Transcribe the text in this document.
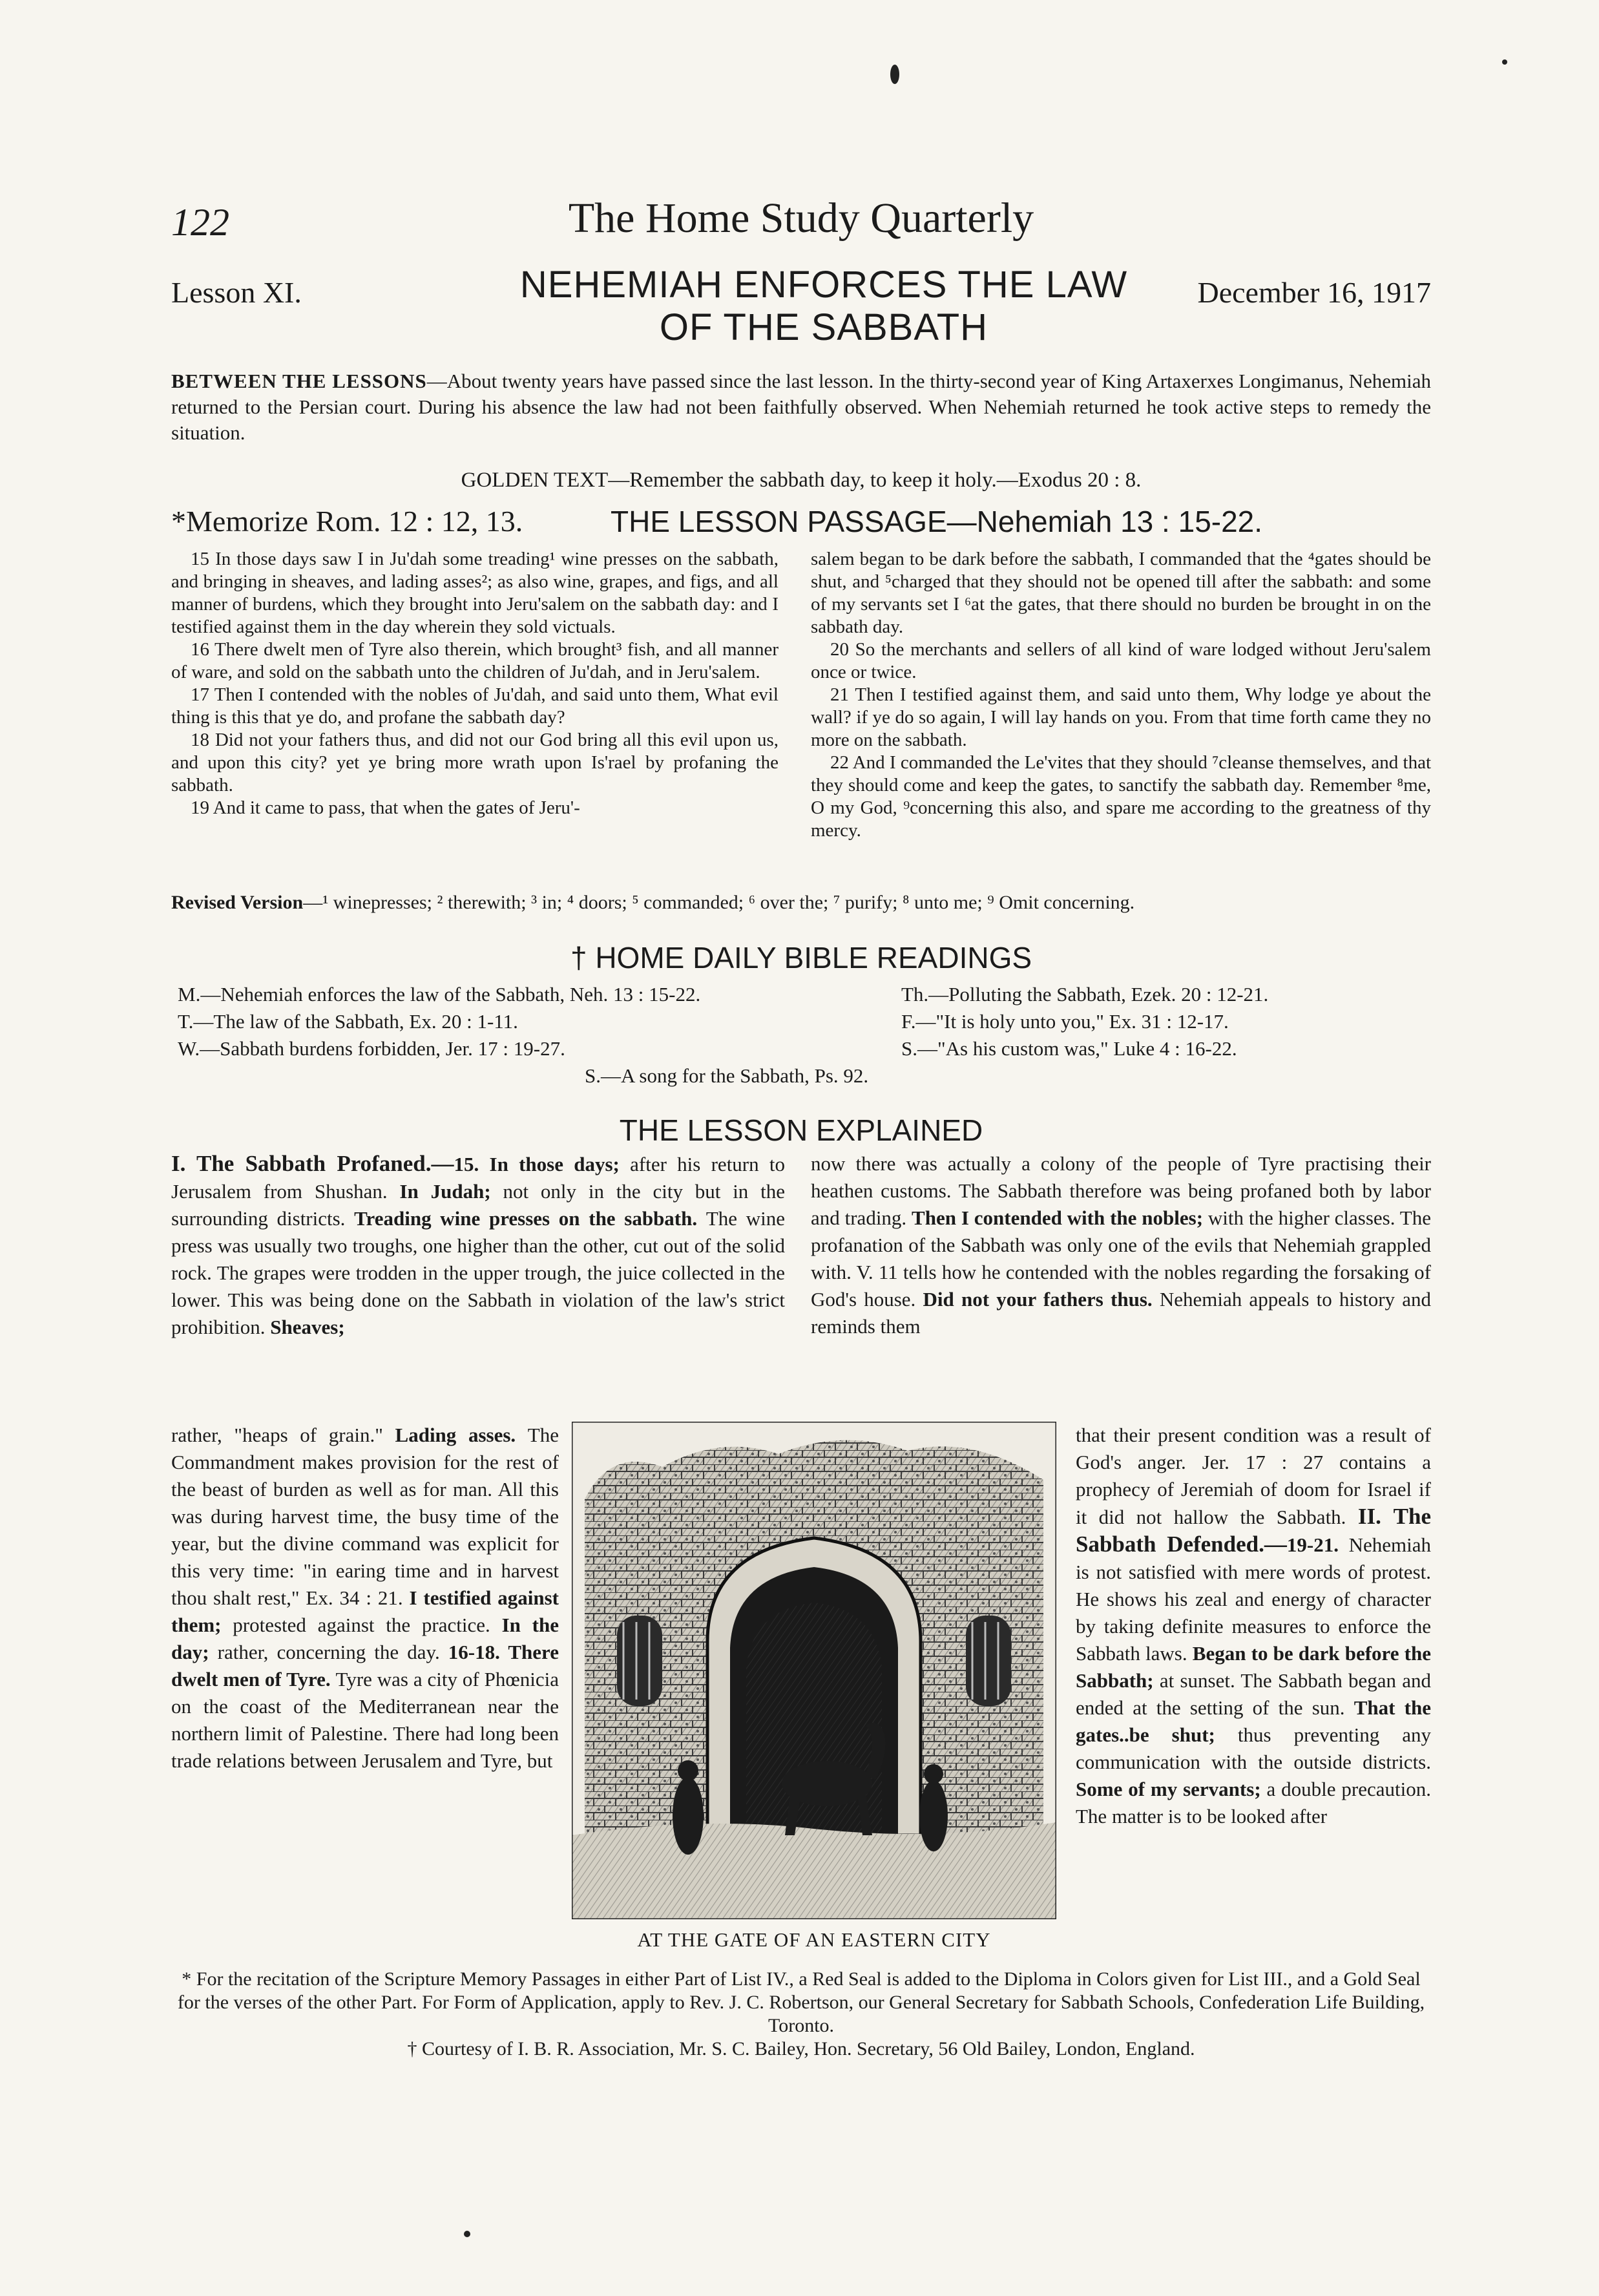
122	The Home Study Quarterly
Lesson XI.	NEHEMIAH ENFORCES THE LAW
OF THE SABBATH
December 16, 1917
BETWEEN THE LESSONS—About twenty years have passed since the last lesson. In the thirty-second year of King Artaxerxes Longimanus, Nehemiah returned to the Persian court. During his absence the law had not been faithfully observed. When Nehemiah returned he took active steps to remedy the situation.
GOLDEN TEXT—Remember the sabbath day, to keep it holy.—Exodus 20 : 8.
*Memorize Rom. 12 : 12, 13.	THE LESSON PASSAGE—Nehemiah 13 : 15-22.

15 In those days saw I in Ju'dah some treading¹ wine presses on the sabbath, and bringing in sheaves, and lading asses²; as also wine, grapes, and figs, and all manner of burdens, which they brought into Jeru'salem on the sabbath day: and I testified against them in the day wherein they sold victuals.

16 There dwelt men of Tyre also therein, which brought³ fish, and all manner of ware, and sold on the sabbath unto the children of Ju'dah, and in Jeru'salem.

17 Then I contended with the nobles of Ju'dah, and said unto them, What evil thing is this that ye do, and profane the sabbath day?

18 Did not your fathers thus, and did not our God bring all this evil upon us, and upon this city? yet ye bring more wrath upon Is'rael by profaning the sabbath.

19 And it came to pass, that when the gates of Jeru'-

salem began to be dark before the sabbath, I commanded that the ⁴gates should be shut, and ⁵charged that they should not be opened till after the sabbath: and some of my servants set I ⁶at the gates, that there should no burden be brought in on the sabbath day.

20 So the merchants and sellers of all kind of ware lodged without Jeru'salem once or twice.

21 Then I testified against them, and said unto them, Why lodge ye about the wall? if ye do so again, I will lay hands on you. From that time forth came they no more on the sabbath.

22 And I commanded the Le'vites that they should ⁷cleanse themselves, and that they should come and keep the gates, to sanctify the sabbath day. Remember ⁸me, O my God, ⁹concerning this also, and spare me according to the greatness of thy mercy.

Revised Version—¹ winepresses; ² therewith; ³ in; ⁴ doors; ⁵ commanded; ⁶ over the; ⁷ purify; ⁸ unto me; ⁹ Omit concerning.
† HOME DAILY BIBLE READINGS
M.—Nehemiah enforces the law of the Sabbath, Neh. 13 : 15-22.	Th.—Polluting the Sabbath, Ezek. 20 : 12-21.
T.—The law of the Sabbath, Ex. 20 : 1-11.	F.—"It is holy unto you," Ex. 31 : 12-17.
W.—Sabbath burdens forbidden, Jer. 17 : 19-27.	S.—"As his custom was," Luke 4 : 16-22.
S.—A song for the Sabbath, Ps. 92.
THE LESSON EXPLAINED
I. The Sabbath Profaned.—15. In those days; after his return to Jerusalem from Shushan. In Judah; not only in the city but in the surrounding districts. Treading wine presses on the sabbath. The wine press was usually two troughs, one higher than the other, cut out of the solid rock. The grapes were trodden in the upper trough, the juice collected in the lower. This was being done on the Sabbath in violation of the law's strict prohibition. Sheaves;
rather, "heaps of grain." Lading asses. The Commandment makes provision for the rest of the beast of burden as well as for man. All this was during harvest time, the busy time of the year, but the divine command was explicit for this very time: "in earing time and in harvest thou shalt rest," Ex. 34 : 21. I testified against them; protested against the practice. In the day; rather, concerning the day. 16-18. There dwelt men of Tyre. Tyre was a city of Phœnicia on the coast of the Mediterranean near the northern limit of Palestine. There had long been trade relations between Jerusalem and Tyre, but
now there was actually a colony of the people of Tyre practising their heathen customs. The Sabbath therefore was being profaned both by labor and trading. Then I contended with the nobles; with the higher classes. The profanation of the Sabbath was only one of the evils that Nehemiah grappled with. V. 11 tells how he contended with the nobles regarding the forsaking of God's house. Did not your fathers thus. Nehemiah appeals to history and reminds them
that their present condition was a result of God's anger. Jer. 17 : 27 contains a prophecy of Jeremiah of doom for Israel if it did not hallow the Sabbath. II. The Sabbath Defended.—19-21. Nehemiah is not satisfied with mere words of protest. He shows his zeal and energy of character by taking definite measures to enforce the Sabbath laws. Began to be dark before the Sabbath; at sunset. The Sabbath began and ended at the setting of the sun. That the gates..be shut; thus preventing any communication with the outside districts. Some of my servants; a double precaution. The matter is to be looked after
AT THE GATE OF AN EASTERN CITY

* For the recitation of the Scripture Memory Passages in either Part of List IV., a Red Seal is added to the Diploma in Colors given for List III., and a Gold Seal for the verses of the other Part. For Form of Application, apply to Rev. J. C. Robertson, our General Secretary for Sabbath Schools, Confederation Life Building, Toronto.

† Courtesy of I. B. R. Association, Mr. S. C. Bailey, Hon. Secretary, 56 Old Bailey, London, England.
